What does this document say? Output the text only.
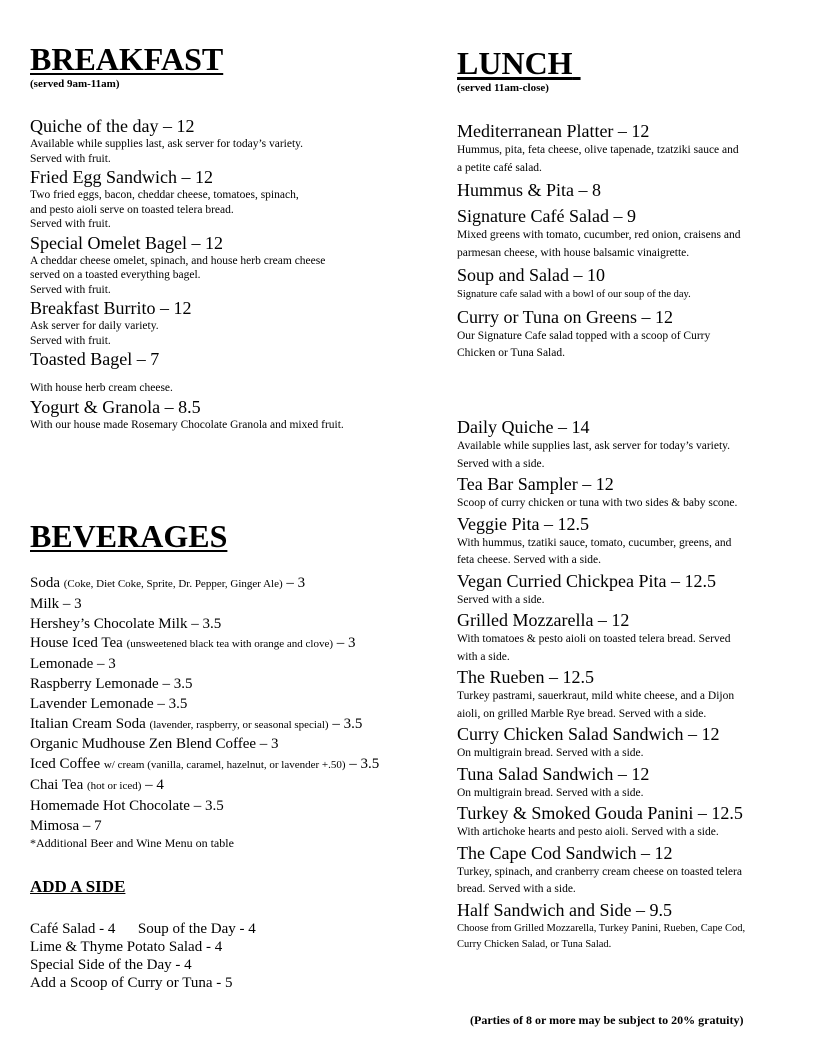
BREAKFAST
(served 9am-11am)
Quiche of the day – 12
Available while supplies last, ask server for today’s variety.
Served with fruit.
Fried Egg Sandwich – 12
Two fried eggs, bacon, cheddar cheese, tomatoes, spinach,
and pesto aioli serve on toasted telera bread.
Served with fruit.
Special Omelet Bagel – 12
A cheddar cheese omelet, spinach, and house herb cream cheese
served on a toasted everything bagel.
Served with fruit.
Breakfast Burrito – 12
Ask server for daily variety.
Served with fruit.
Toasted Bagel – 7
With house herb cream cheese.
Yogurt & Granola – 8.5
With our house made Rosemary Chocolate Granola and mixed fruit.
BEVERAGES
Soda (Coke, Diet Coke, Sprite, Dr. Pepper, Ginger Ale) – 3
Milk – 3
Hershey’s Chocolate Milk – 3.5
House Iced Tea (unsweetened black tea with orange and clove) – 3
Lemonade – 3
Raspberry Lemonade – 3.5
Lavender Lemonade – 3.5
Italian Cream Soda (lavender, raspberry, or seasonal special) – 3.5
Organic Mudhouse Zen Blend Coffee – 3
Iced Coffee w/ cream (vanilla, caramel, hazelnut, or lavender +.50) – 3.5
Chai Tea (hot or iced) – 4
Homemade Hot Chocolate – 3.5
Mimosa – 7
*Additional Beer and Wine Menu on table
ADD A SIDE
Café Salad - 4      Soup of the Day - 4
Lime & Thyme Potato Salad - 4
Special Side of the Day - 4
Add a Scoop of Curry or Tuna - 5
LUNCH
(served 11am-close)
Mediterranean Platter – 12
Hummus, pita, feta cheese, olive tapenade, tzatziki sauce and
a petite café salad.
Hummus & Pita – 8
Signature Café Salad – 9
Mixed greens with tomato, cucumber, red onion, craisens and
parmesan cheese, with house balsamic vinaigrette.
Soup and Salad – 10
Signature cafe salad with a bowl of our soup of the day.
Curry or Tuna on Greens – 12
Our Signature Cafe salad topped with a scoop of Curry
Chicken or Tuna Salad.
Daily Quiche – 14
Available while supplies last, ask server for today’s variety.
Served with a side.
Tea Bar Sampler – 12
Scoop of curry chicken or tuna with two sides & baby scone.
Veggie Pita – 12.5
With hummus, tzatiki sauce, tomato, cucumber, greens, and
feta cheese. Served with a side.
Vegan Curried Chickpea Pita – 12.5
Served with a side.
Grilled Mozzarella – 12
With tomatoes & pesto aioli on toasted telera bread. Served
with a side.
The Rueben – 12.5
Turkey pastrami, sauerkraut, mild white cheese, and a Dijon
aioli, on grilled Marble Rye bread. Served with a side.
Curry Chicken Salad Sandwich – 12
On multigrain bread. Served with a side.
Tuna Salad Sandwich – 12
On multigrain bread. Served with a side.
Turkey & Smoked Gouda Panini – 12.5
With artichoke hearts and pesto aioli. Served with a side.
The Cape Cod Sandwich – 12
Turkey, spinach, and cranberry cream cheese on toasted telera
bread. Served with a side.
Half Sandwich and Side – 9.5
Choose from Grilled Mozzarella, Turkey Panini, Rueben, Cape Cod,
Curry Chicken Salad, or Tuna Salad.
(Parties of 8 or more may be subject to 20% gratuity)
